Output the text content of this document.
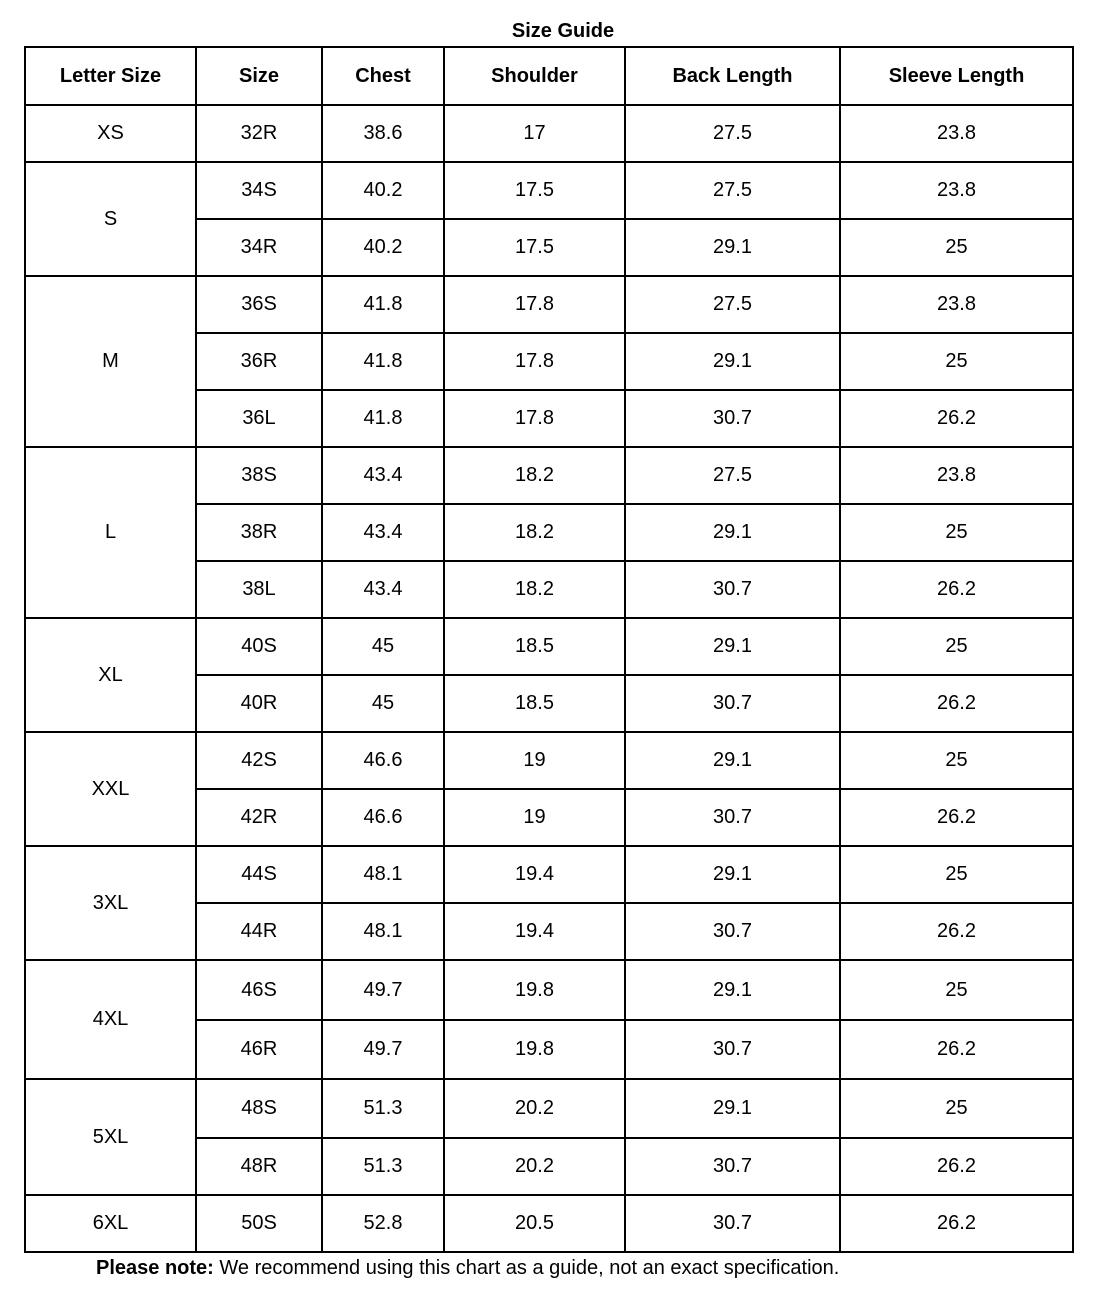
Size Guide
Letter Size	Size	Chest	Shoulder	Back Length	Sleeve Length
XS	32R	38.6	17	27.5	23.8
S	34S	40.2	17.5	27.5	23.8
	34R	40.2	17.5	29.1	25
M	36S	41.8	17.8	27.5	23.8
	36R	41.8	17.8	29.1	25
	36L	41.8	17.8	30.7	26.2
L	38S	43.4	18.2	27.5	23.8
	38R	43.4	18.2	29.1	25
	38L	43.4	18.2	30.7	26.2
XL	40S	45	18.5	29.1	25
	40R	45	18.5	30.7	26.2
XXL	42S	46.6	19	29.1	25
	42R	46.6	19	30.7	26.2
3XL	44S	48.1	19.4	29.1	25
	44R	48.1	19.4	30.7	26.2
4XL	46S	49.7	19.8	29.1	25
	46R	49.7	19.8	30.7	26.2
5XL	48S	51.3	20.2	29.1	25
	48R	51.3	20.2	30.7	26.2
6XL	50S	52.8	20.5	30.7	26.2
Please note: We recommend using this chart as a guide, not an exact specification.
